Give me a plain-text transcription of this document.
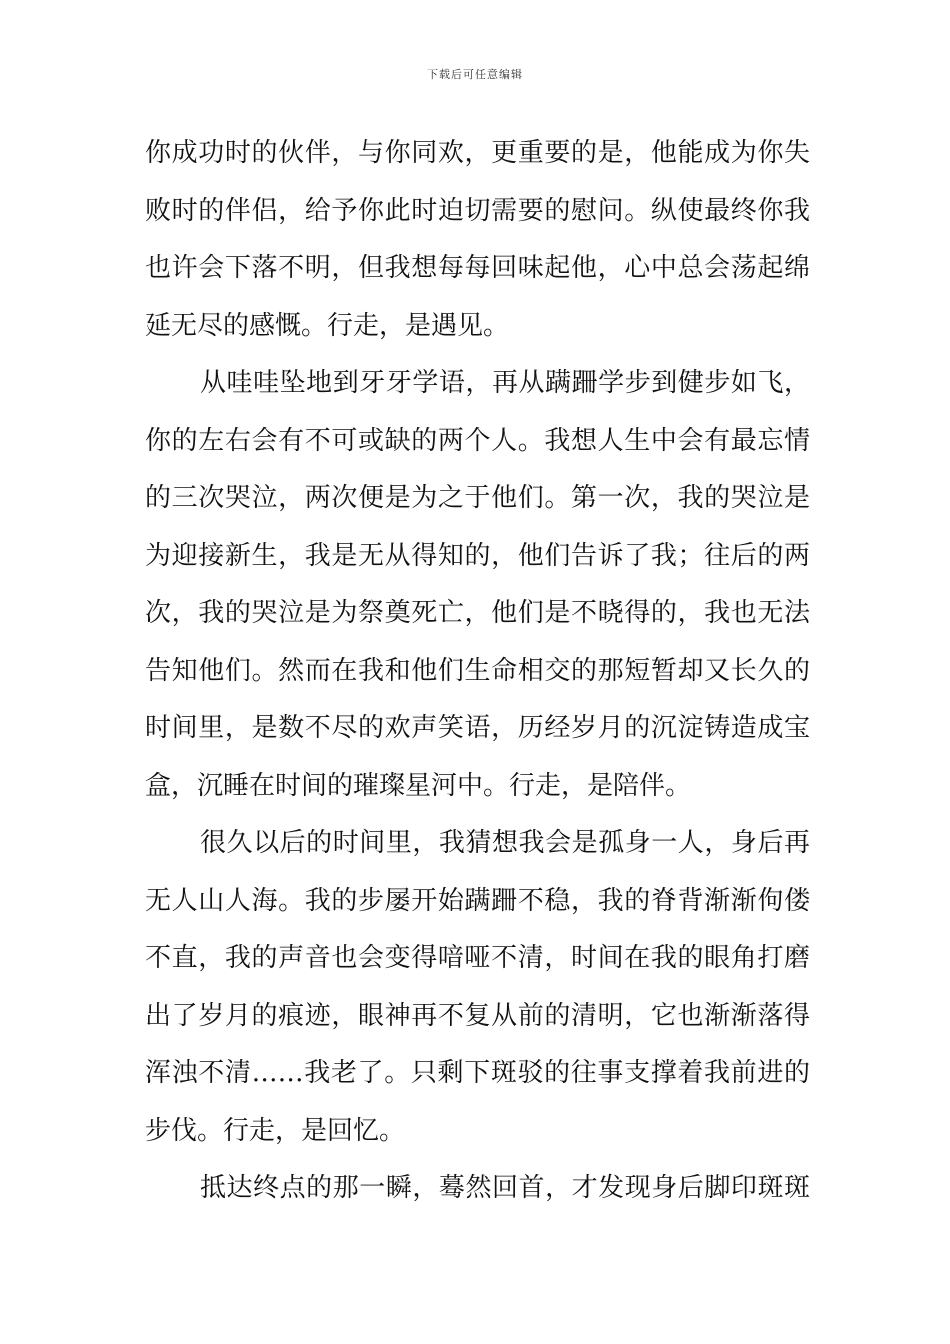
下载后可任意编辑
你成功时的伙伴，与你同欢，更重要的是，他能成为你失
败时的伴侣，给予你此时迫切需要的慰问。纵使最终你我
也许会下落不明，但我想每每回味起他，心中总会荡起绵
延无尽的感慨。行走，是遇见。
从哇哇坠地到牙牙学语，再从蹒跚学步到健步如飞，
你的左右会有不可或缺的两个人。我想人生中会有最忘情
的三次哭泣，两次便是为之于他们。第一次，我的哭泣是
为迎接新生，我是无从得知的，他们告诉了我；往后的两
次，我的哭泣是为祭奠死亡，他们是不晓得的，我也无法
告知他们。然而在我和他们生命相交的那短暂却又长久的
时间里，是数不尽的欢声笑语，历经岁月的沉淀铸造成宝
盒，沉睡在时间的璀璨星河中。行走，是陪伴。
很久以后的时间里，我猜想我会是孤身一人，身后再
无人山人海。我的步屡开始蹒跚不稳，我的脊背渐渐佝偻
不直，我的声音也会变得喑哑不清，时间在我的眼角打磨
出了岁月的痕迹，眼神再不复从前的清明，它也渐渐落得
浑浊不清……我老了。只剩下斑驳的往事支撑着我前进的
步伐。行走，是回忆。
抵达终点的那一瞬，蓦然回首，才发现身后脚印斑斑
